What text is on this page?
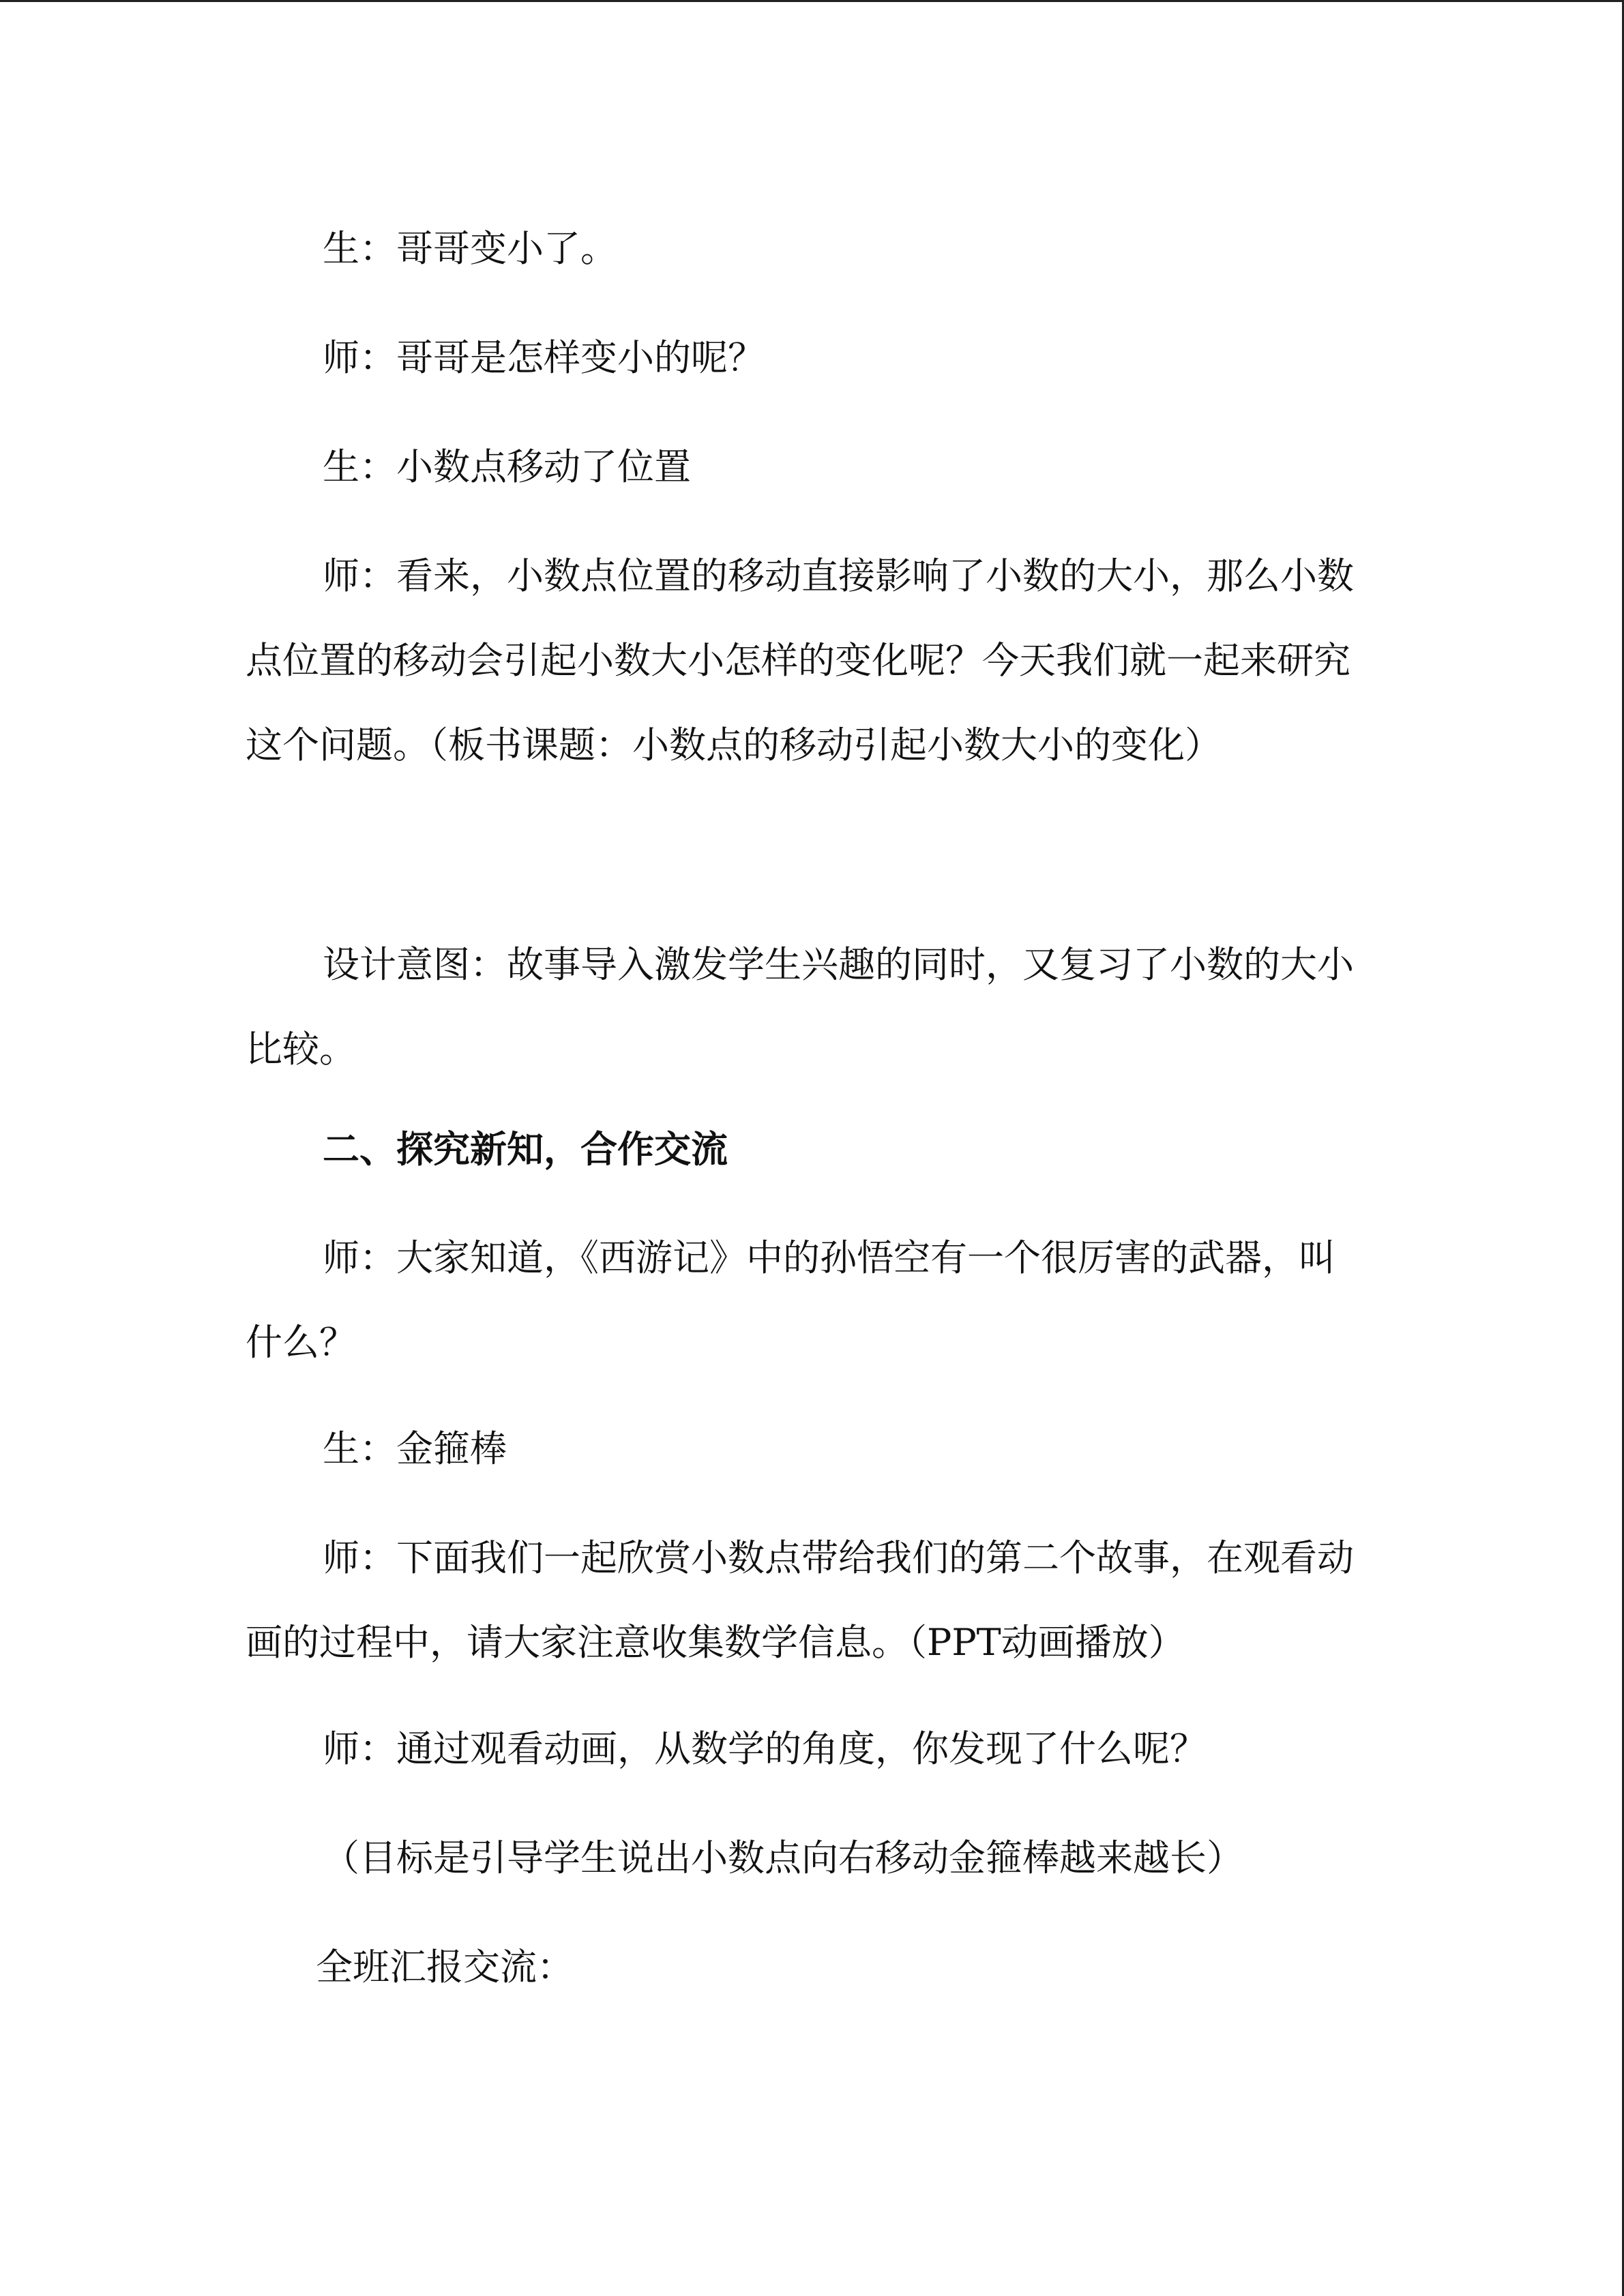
生：哥哥变小了。

师：哥哥是怎样变小的呢？

生：小数点移动了位置

师：看来，小数点位置的移动直接影响了小数的大小，那么小数点位置的移动会引起小数大小怎样的变化呢？今天我们就一起来研究这个问题。（板书课题：小数点的移动引起小数大小的变化）

设计意图：故事导入激发学生兴趣的同时，又复习了小数的大小比较。

二、探究新知，合作交流

师：大家知道，《西游记》中的孙悟空有一个很厉害的武器，叫什么？

生：金箍棒

师：下面我们一起欣赏小数点带给我们的第二个故事，在观看动画的过程中，请大家注意收集数学信息。（PPT动画播放）

师：通过观看动画，从数学的角度，你发现了什么呢？

（目标是引导学生说出小数点向右移动金箍棒越来越长）

全班汇报交流：
